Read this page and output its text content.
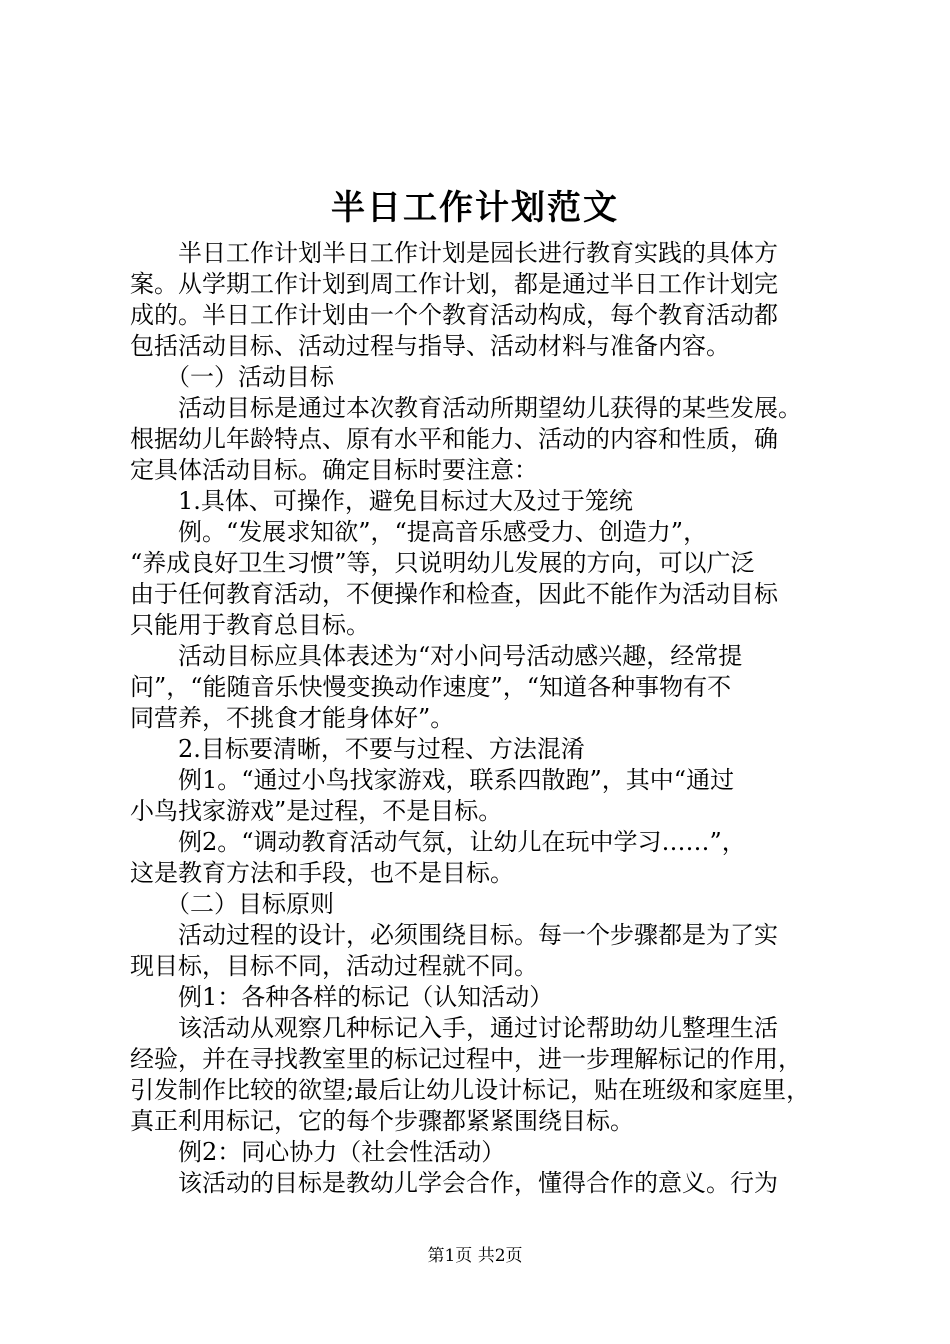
半日工作计划范文
　　半日工作计划半日工作计划是园长进行教育实践的具体方
案。从学期工作计划到周工作计划，都是通过半日工作计划完
成的。半日工作计划由一个个教育活动构成，每个教育活动都
包括活动目标、活动过程与指导、活动材料与准备内容。
　　（一）活动目标
　　活动目标是通过本次教育活动所期望幼儿获得的某些发展。
根据幼儿年龄特点、原有水平和能力、活动的内容和性质，确
定具体活动目标。确定目标时要注意：
　　1.具体、可操作，避免目标过大及过于笼统
　　例。“发展求知欲”，“提高音乐感受力、创造力”，
“养成良好卫生习惯”等，只说明幼儿发展的方向，可以广泛
由于任何教育活动，不便操作和检查，因此不能作为活动目标
只能用于教育总目标。
　　活动目标应具体表述为“对小问号活动感兴趣，经常提
问”，“能随音乐快慢变换动作速度”，“知道各种事物有不
同营养，不挑食才能身体好”。
　　2.目标要清晰，不要与过程、方法混淆
　　例1。“通过小鸟找家游戏，联系四散跑”，其中“通过
小鸟找家游戏”是过程，不是目标。
　　例2。“调动教育活动气氛，让幼儿在玩中学习……”，
这是教育方法和手段，也不是目标。
　　（二）目标原则
　　活动过程的设计，必须围绕目标。每一个步骤都是为了实
现目标，目标不同，活动过程就不同。
　　例1：各种各样的标记（认知活动）
　　该活动从观察几种标记入手，通过讨论帮助幼儿整理生活
经验，并在寻找教室里的标记过程中，进一步理解标记的作用，
引发制作比较的欲望;最后让幼儿设计标记，贴在班级和家庭里，
真正利用标记，它的每个步骤都紧紧围绕目标。
　　例2：同心协力（社会性活动）
　　该活动的目标是教幼儿学会合作，懂得合作的意义。行为
第1页 共2页
